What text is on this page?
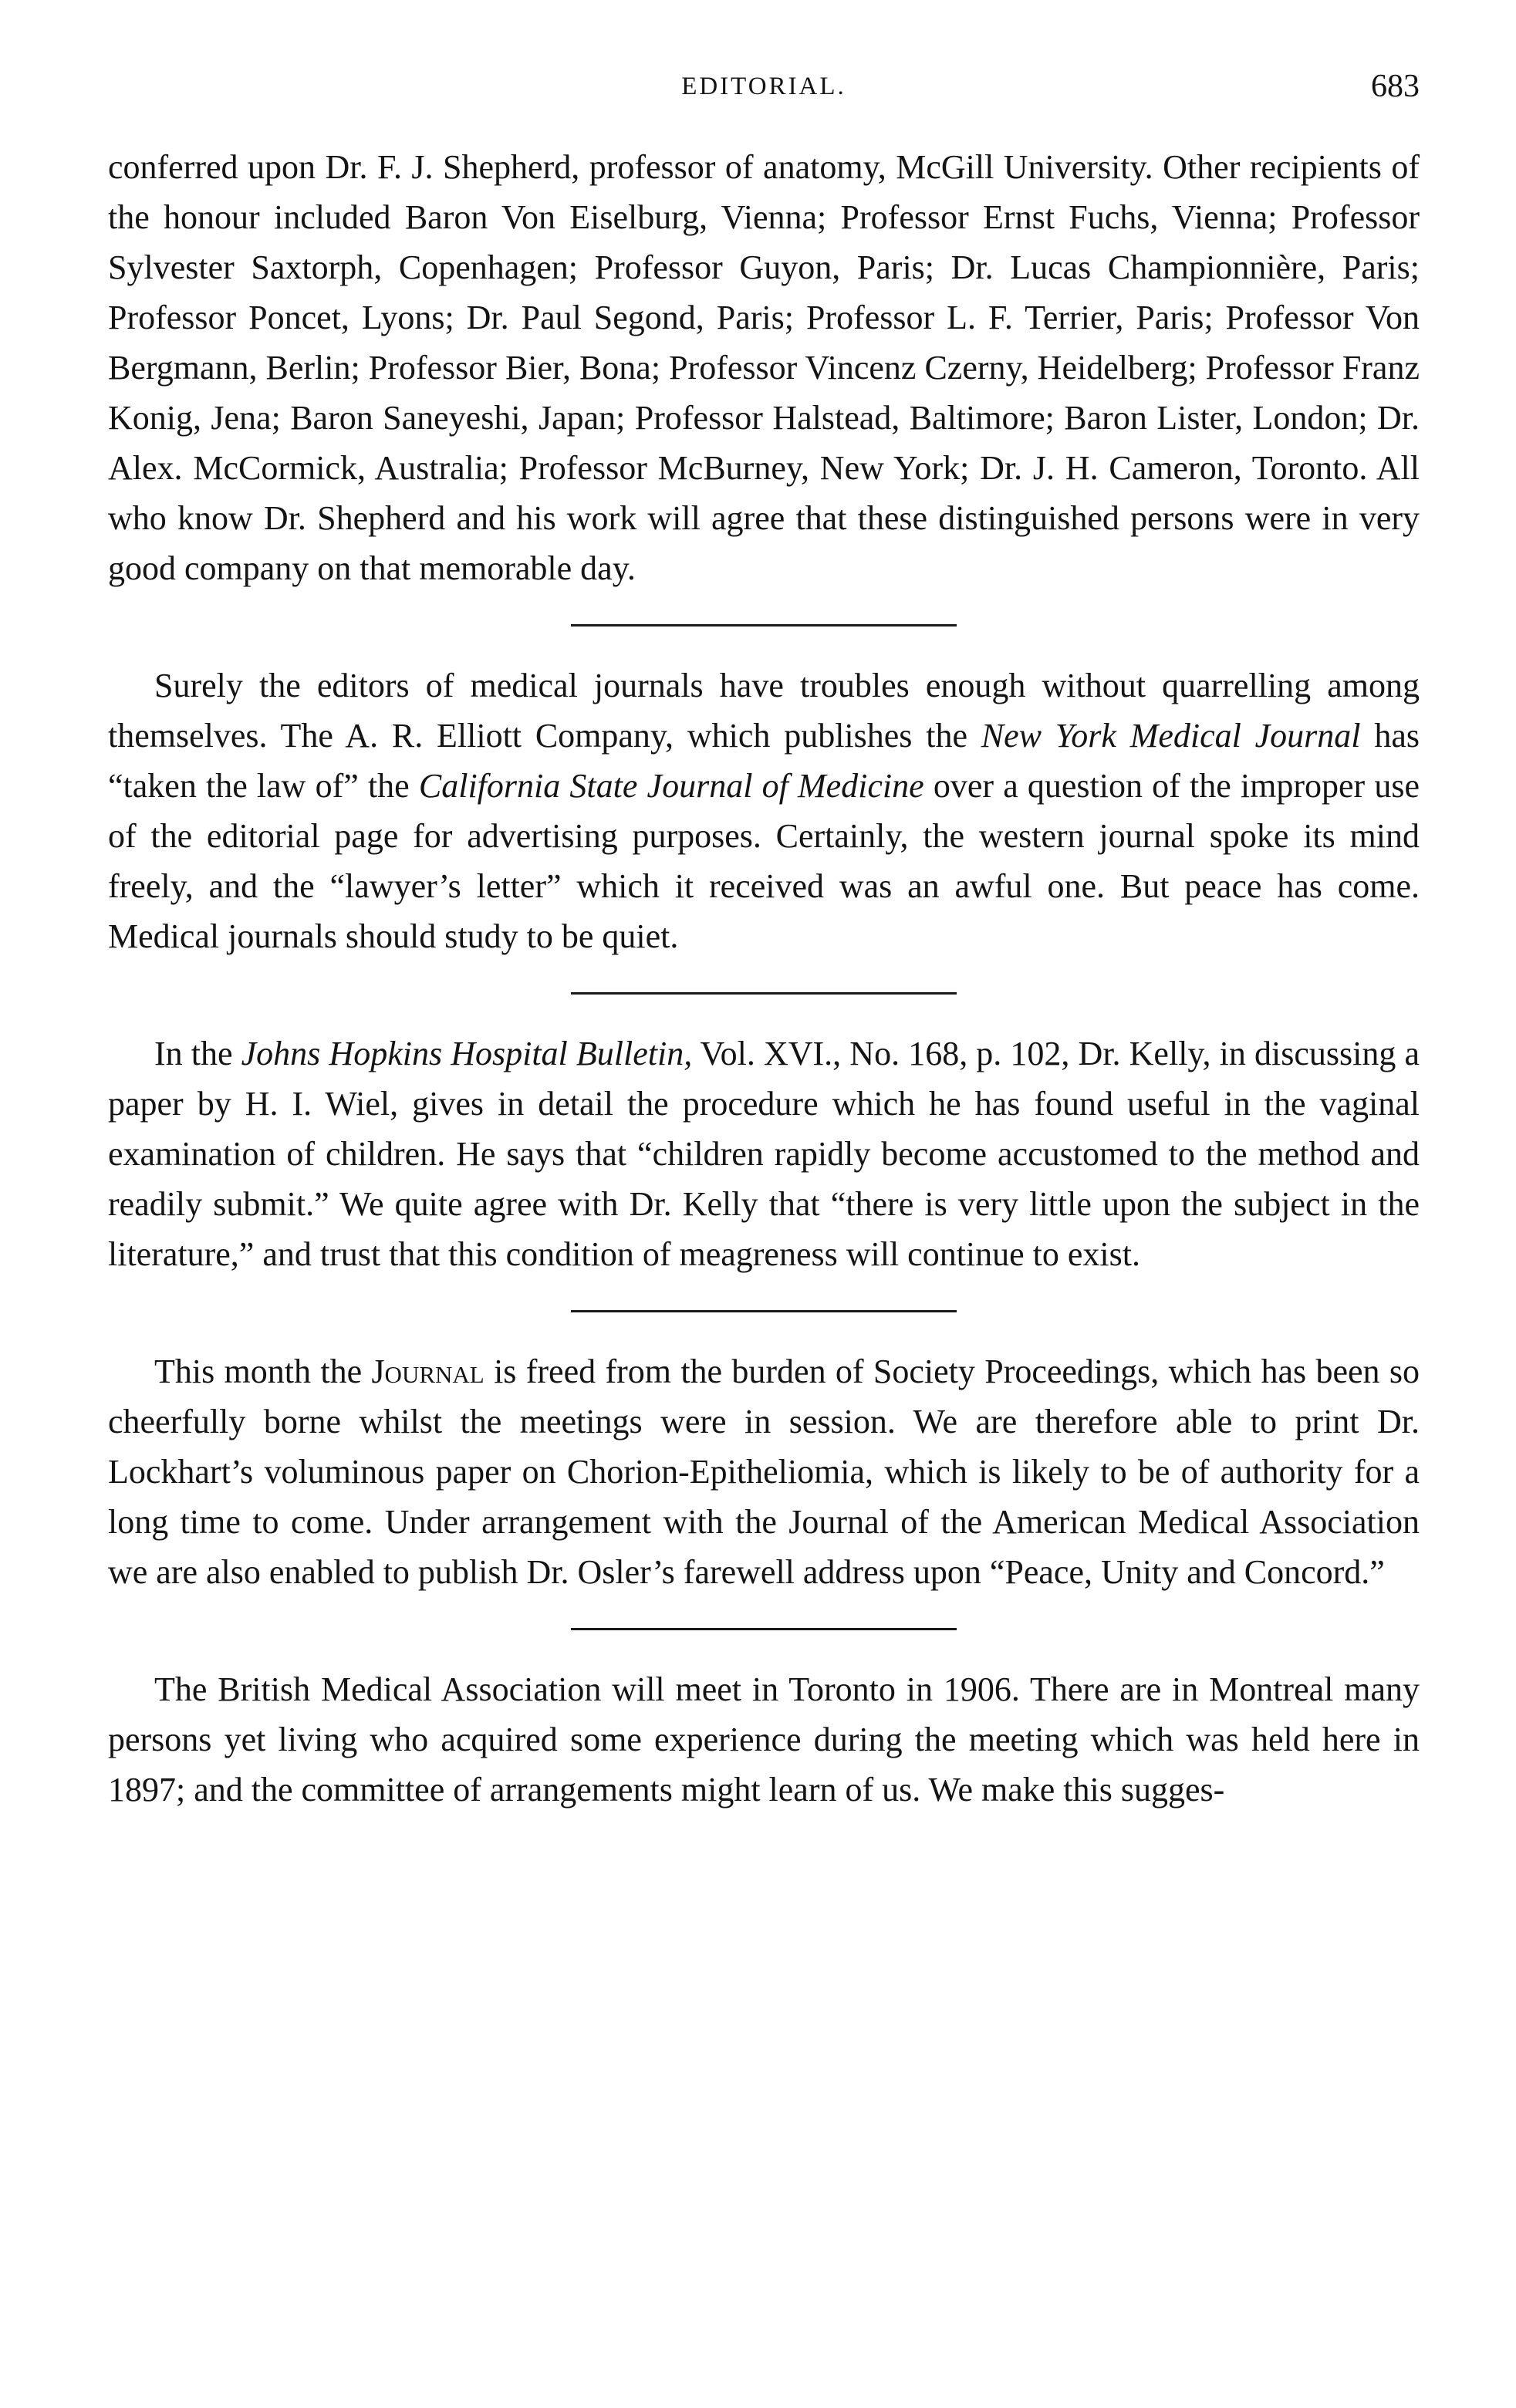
EDITORIAL.	683

conferred upon Dr. F. J. Shepherd, professor of anatomy, McGill University. Other recipients of the honour included Baron Von Eiselburg, Vienna; Professor Ernst Fuchs, Vienna; Professor Sylvester Saxtorph, Copenhagen; Professor Guyon, Paris; Dr. Lucas Championnière, Paris; Professor Poncet, Lyons; Dr. Paul Segond, Paris; Professor L. F. Terrier, Paris; Professor Von Bergmann, Berlin; Professor Bier, Bona; Professor Vincenz Czerny, Heidelberg; Professor Franz Konig, Jena; Baron Saneyeshi, Japan; Professor Halstead, Baltimore; Baron Lister, London; Dr. Alex. McCormick, Australia; Professor McBurney, New York; Dr. J. H. Cameron, Toronto. All who know Dr. Shepherd and his work will agree that these distinguished persons were in very good company on that memorable day.

Surely the editors of medical journals have troubles enough without quarrelling among themselves. The A. R. Elliott Company, which publishes the New York Medical Journal has “taken the law of” the California State Journal of Medicine over a question of the improper use of the editorial page for advertising purposes. Certainly, the western journal spoke its mind freely, and the “lawyer’s letter” which it received was an awful one. But peace has come. Medical journals should study to be quiet.

In the Johns Hopkins Hospital Bulletin, Vol. XVI., No. 168, p. 102, Dr. Kelly, in discussing a paper by H. I. Wiel, gives in detail the procedure which he has found useful in the vaginal examination of children. He says that “children rapidly become accustomed to the method and readily submit.” We quite agree with Dr. Kelly that “there is very little upon the subject in the literature,” and trust that this condition of meagreness will continue to exist.

This month the Journal is freed from the burden of Society Proceedings, which has been so cheerfully borne whilst the meetings were in session. We are therefore able to print Dr. Lockhart’s voluminous paper on Chorion-Epitheliomia, which is likely to be of authority for a long time to come. Under arrangement with the Journal of the American Medical Association we are also enabled to publish Dr. Osler’s farewell address upon “Peace, Unity and Concord.”

The British Medical Association will meet in Toronto in 1906. There are in Montreal many persons yet living who acquired some experience during the meeting which was held here in 1897; and the committee of arrangements might learn of us. We make this sugges-
